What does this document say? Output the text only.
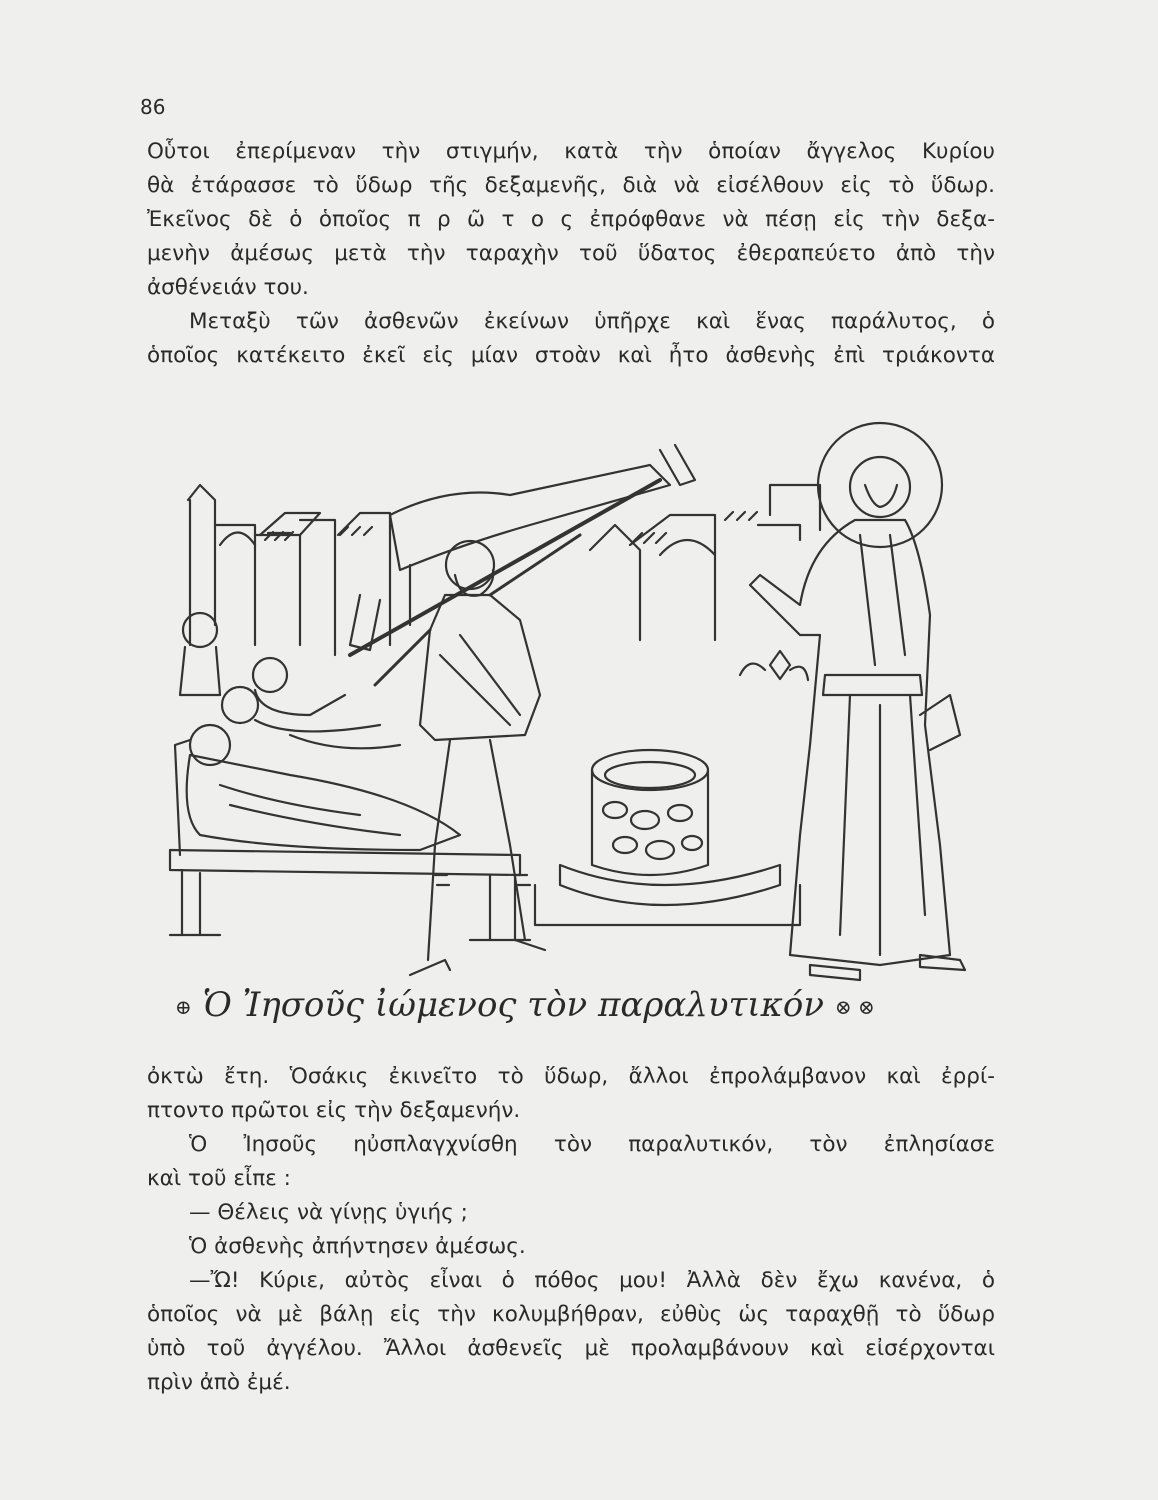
86

Οὗτοι ἐπερίμεναν τὴν στιγμήν, κατὰ τὴν ὁποίαν ἄγγελος Κυρίου

θὰ ἐτάρασσε τὸ ὕδωρ τῆς δεξαμενῆς, διὰ νὰ εἰσέλθουν εἰς τὸ ὕδωρ.

Ἐκεῖνος δὲ ὁ ὁποῖος π ρ ῶ τ ο ς ἐπρόφθανε νὰ πέσῃ εἰς τὴν δεξα-

μενὴν ἀμέσως μετὰ τὴν ταραχὴν τοῦ ὕδατος ἐθεραπεύετο ἀπὸ τὴν

ἀσθένειάν του.

Μεταξὺ τῶν ἀσθενῶν ἐκείνων ὑπῆρχε καὶ ἕνας παράλυτος, ὁ

ὁποῖος κατέκειτο ἐκεῖ εἰς μίαν στοὰν καὶ ἦτο ἀσθενὴς ἐπὶ τριάκοντα

⊕ Ὁ Ἰησοῦς ἰώμενος τὸν παραλυτικόν ⊗ ⊗

ὀκτὼ ἔτη. Ὁσάκις ἐκινεῖτο τὸ ὕδωρ, ἄλλοι ἐπρολάμβανον καὶ ἐρρί-

πτοντο πρῶτοι εἰς τὴν δεξαμενήν.

Ὁ Ἰησοῦς ηὐσπλαγχνίσθη τὸν παραλυτικόν, τὸν ἐπλησίασε

καὶ τοῦ εἶπε :

— Θέλεις νὰ γίνῃς ὑγιής ;

Ὁ ἀσθενὴς ἀπήντησεν ἀμέσως.

—Ὤ! Κύριε, αὐτὸς εἶναι ὁ πόθος μου! Ἀλλὰ δὲν ἔχω κανένα, ὁ

ὁποῖος νὰ μὲ βάλῃ εἰς τὴν κολυμβήθραν, εὐθὺς ὡς ταραχθῇ τὸ ὕδωρ

ὑπὸ τοῦ ἀγγέλου. Ἄλλοι ἀσθενεῖς μὲ προλαμβάνουν καὶ εἰσέρχονται

πρὶν ἀπὸ ἐμέ.
